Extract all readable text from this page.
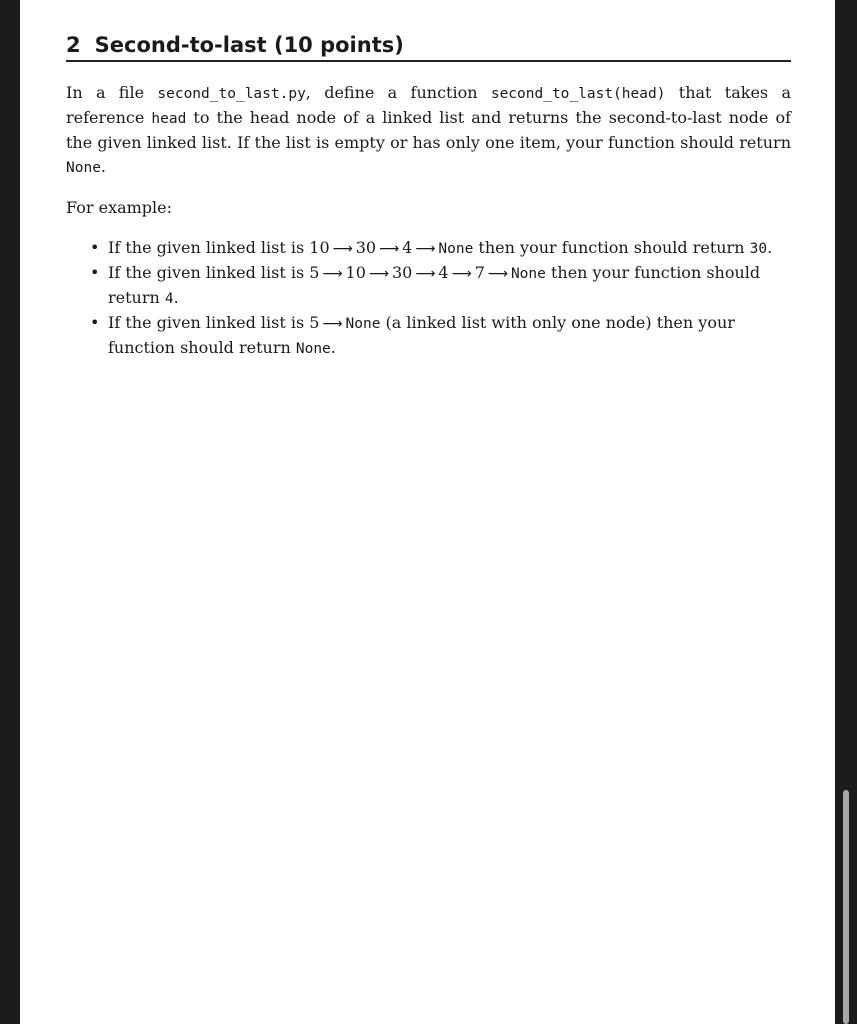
2 Second-to-last (10 points)
In a file second_to_last.py, define a function second_to_last(head) that takes a reference head to the head node of a linked list and returns the second-to-last node of the given linked list. If the list is empty or has only one item, your function should return None.
For example:
• If the given linked list is 10 ⟶ 30 ⟶ 4 ⟶ None then your function should return 30.
• If the given linked list is 5 ⟶ 10 ⟶ 30 ⟶ 4 ⟶ 7 ⟶ None then your function should return 4.
• If the given linked list is 5 ⟶ None (a linked list with only one node) then your function should return None.
